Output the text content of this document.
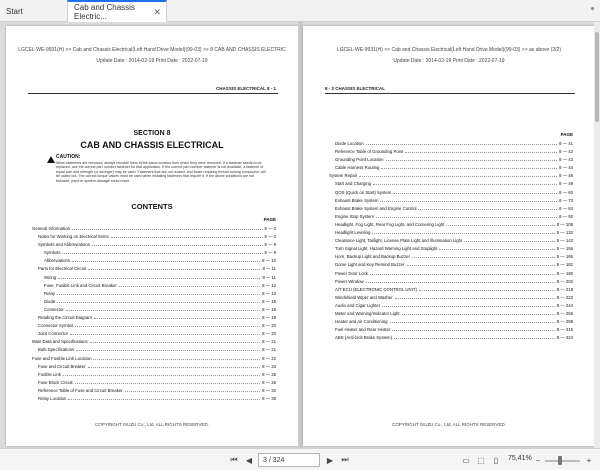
Start	Cab and Chassis Electric...	✕
LGCEL-WE-9931(H) >> Cab and Chassis Electrical(Left Hand Drive Model)(99-03) >> 8 CAB AND CHASSIS ELECTRIC
Update Date : 2014-02-19 Print Date : 2022-07-19
CHASSIS ELECTRICAL 8 - 1
SECTION 8
CAB AND CHASSIS ELECTRICAL
CAUTION:
When fasteners are removed, always reinstall them at the same location from which they were removed. If a fastener needs to be replaced, use the correct part number fastener for that application. If the correct part number fastener is not available, a fastener of equal size and strength (or stronger) may be used. Fasteners that are not reused, and those requiring thread locking compound, will be called out. The correct torque values must be used when installing fasteners that require it. If the above conditions are not followed, parts or system damage could result.
CONTENTS
PAGE
General Information	8 — 3
Notes for Working on Electrical Items	8 — 3
Symbols and Abbreviations	8 — 9
Symbols	8 — 9
Abbreviations	8 — 10
Parts for Electrical Circuit	8 — 11
Wiring	8 — 11
Fuse, Fusible Link and Circuit Breaker	8 — 12
Relay	8 — 13
Diode	8 — 15
Connector	8 — 16
Reading the Circuit Diagram	8 — 18
Connector Symbol	8 — 20
Joint Connector	8 — 20
Main Data and Specifications	8 — 21
Bulb Specifications	8 — 21
Fuse and Fusible Link Location	8 — 22
Fuse and Circuit Breaker	8 — 23
Fusible Link	8 — 25
Fuse Block Circuit	8 — 26
Reference Table of Fuse and Circuit Breaker	8 — 32
Relay Location	8 — 38
COPYRIGHT ISUZU Co., Ltd. ALL RIGHTS RESERVED.
LGCEL-WE-9931(H) >> Cab and Chassis Electrical(Left Hand Drive Model)(99-03) >> as above (2/2)
Update Date : 2014-02-19 Print Date : 2022-07-19
8 - 2 CHASSIS ELECTRICAL
PAGE
Diode Location	8 — 41
Reference Table of Grounding Point	8 — 42
Grounding Point Location	8 — 43
Cable Harness Routing	8 — 44
System Repair	8 — 49
Start and Charging	8 — 49
QOS (Quick on Start) System	8 — 60
Exhaust Brake System	8 — 73
Exhaust Brake System and Engine Control	8 — 84
Engine Stop System	8 — 92
Headlight, Fog Light, Rear Fog Light, and Cornering Light	8 — 108
Headlight Leveling	8 — 132
Clearance Light, Taillight, License Plate Light and Illumination Light	8 — 142
Turn Signal Light, Hazard Warning Light and Stoplight	8 — 156
Horn, Backup Light and Backup Buzzer	8 — 166
Dome Light and Key Remind Buzzer	8 — 182
Power Door Lock	8 — 190
Power Window	8 — 202
A/T ECU (ELECTRONIC CONTROL UNIT)	8 — 218
Windshield Wiper and Washer	8 — 223
Audio and Cigar Lighter	8 — 244
Meter and Warning/Indicator Light	8 — 265
Heater and Air Conditioning	8 — 288
Fuel Heater and Rear Heater	8 — 315
ABS (Anti-lock Brake System)	8 — 324
COPYRIGHT ISUZU Co., Ltd. ALL RIGHTS RESERVED.
⏮	◀	3 / 324	▶	⏭	▭ ⬚	▯	75,41% −	+
